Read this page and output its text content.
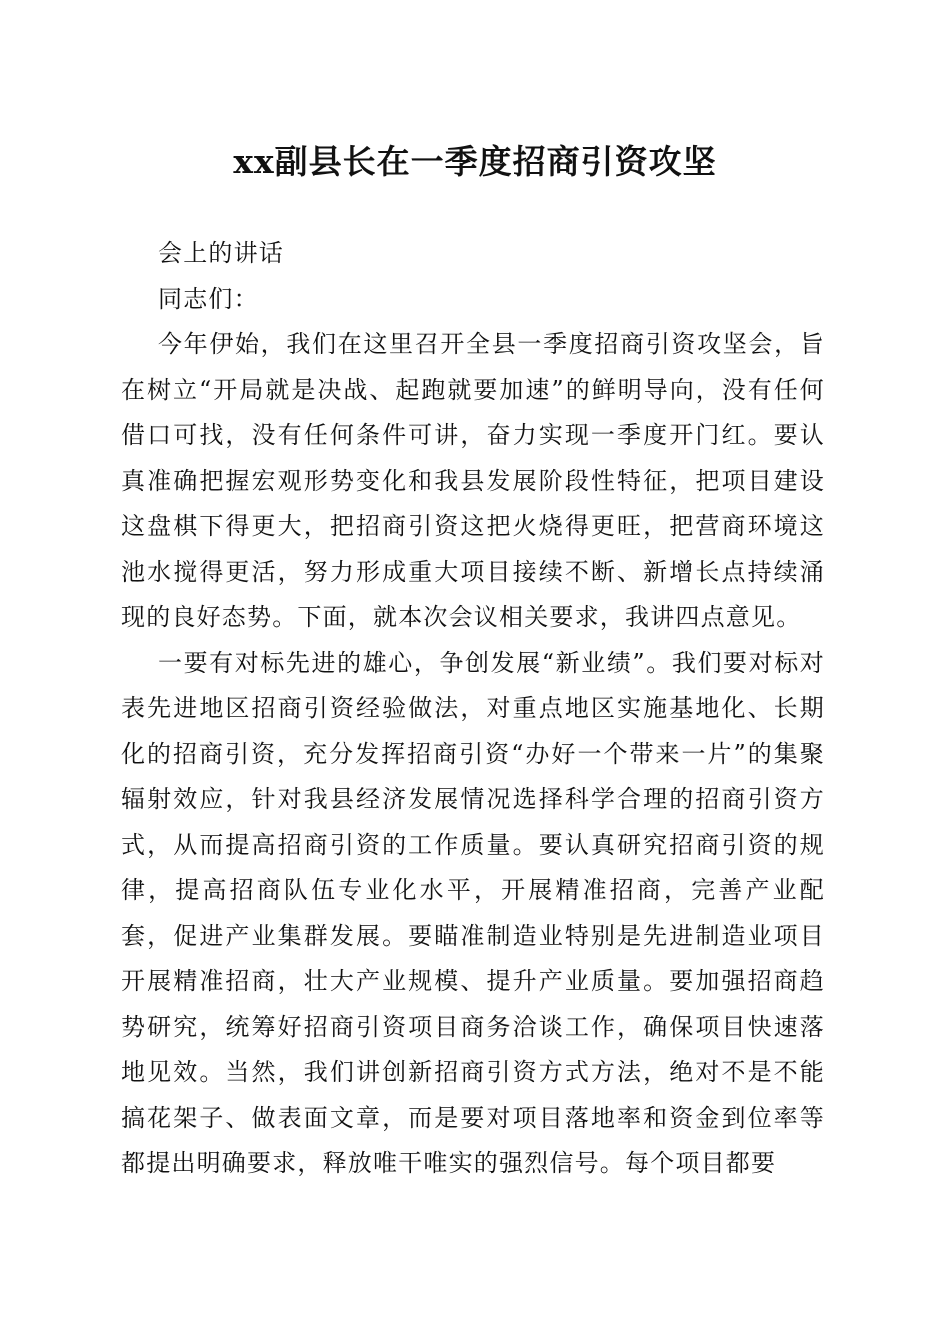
xx副县长在一季度招商引资攻坚

会上的讲话

同志们：

今年伊始，我们在这里召开全县一季度招商引资攻坚会，旨在树立“开局就是决战、起跑就要加速”的鲜明导向，没有任何借口可找，没有任何条件可讲，奋力实现一季度开门红。要认真准确把握宏观形势变化和我县发展阶段性特征，把项目建设这盘棋下得更大，把招商引资这把火烧得更旺，把营商环境这池水搅得更活，努力形成重大项目接续不断、新增长点持续涌现的良好态势。下面，就本次会议相关要求，我讲四点意见。

一要有对标先进的雄心，争创发展“新业绩”。我们要对标对表先进地区招商引资经验做法，对重点地区实施基地化、长期化的招商引资，充分发挥招商引资“办好一个带来一片”的集聚辐射效应，针对我县经济发展情况选择科学合理的招商引资方式，从而提高招商引资的工作质量。要认真研究招商引资的规律，提高招商队伍专业化水平，开展精准招商，完善产业配套，促进产业集群发展。要瞄准制造业特别是先进制造业项目开展精准招商，壮大产业规模、提升产业质量。要加强招商趋势研究，统筹好招商引资项目商务洽谈工作，确保项目快速落地见效。当然，我们讲创新招商引资方式方法，绝对不是不能搞花架子、做表面文章，而是要对项目落地率和资金到位率等都提出明确要求，释放唯干唯实的强烈信号。每个项目都要
